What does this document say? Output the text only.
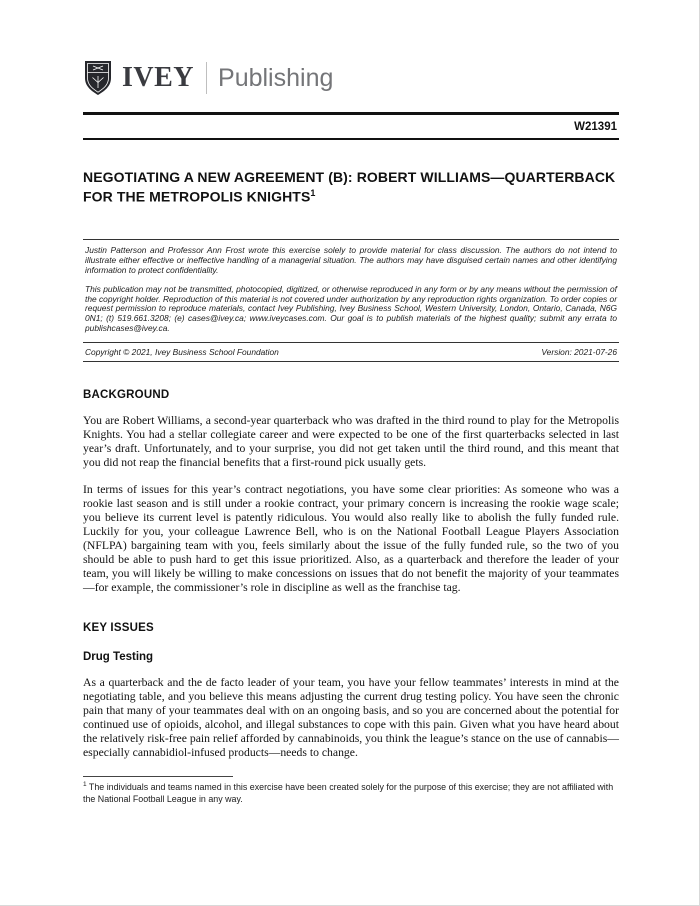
IVEY Publishing
W21391
NEGOTIATING A NEW AGREEMENT (B): ROBERT WILLIAMS—QUARTERBACK FOR THE METROPOLIS KNIGHTS$^1$

Justin Patterson and Professor Ann Frost wrote this exercise solely to provide material for class discussion. The authors do not intend to illustrate either effective or ineffective handling of a managerial situation. The authors may have disguised certain names and other identifying information to protect confidentiality.

This publication may not be transmitted, photocopied, digitized, or otherwise reproduced in any form or by any means without the permission of the copyright holder. Reproduction of this material is not covered under authorization by any reproduction rights organization. To order copies or request permission to reproduce materials, contact Ivey Publishing, Ivey Business School, Western University, London, Ontario, Canada, N6G 0N1; (t) 519.661.3208; (e) cases@ivey.ca; www.iveycases.com. Our goal is to publish materials of the highest quality; submit any errata to publishcases@ivey.ca.

Copyright © 2021, Ivey Business School Foundation	Version: 2021-07-26
BACKGROUND

You are Robert Williams, a second-year quarterback who was drafted in the third round to play for the Metropolis Knights. You had a stellar collegiate career and were expected to be one of the first quarterbacks selected in last year’s draft. Unfortunately, and to your surprise, you did not get taken until the third round, and this meant that you did not reap the financial benefits that a first-round pick usually gets.

In terms of issues for this year’s contract negotiations, you have some clear priorities: As someone who was a rookie last season and is still under a rookie contract, your primary concern is increasing the rookie wage scale; you believe its current level is patently ridiculous. You would also really like to abolish the fully funded rule. Luckily for you, your colleague Lawrence Bell, who is on the National Football League Players Association (NFLPA) bargaining team with you, feels similarly about the issue of the fully funded rule, so the two of you should be able to push hard to get this issue prioritized. Also, as a quarterback and therefore the leader of your team, you will likely be willing to make concessions on issues that do not benefit the majority of your teammates—for example, the commissioner’s role in discipline as well as the franchise tag.

KEY ISSUES
Drug Testing

As a quarterback and the de facto leader of your team, you have your fellow teammates’ interests in mind at the negotiating table, and you believe this means adjusting the current drug testing policy. You have seen the chronic pain that many of your teammates deal with on an ongoing basis, and so you are concerned about the potential for continued use of opioids, alcohol, and illegal substances to cope with this pain. Given what you have heard about the relatively risk-free pain relief afforded by cannabinoids, you think the league’s stance on the use of cannabis—especially cannabidiol-infused products—needs to change.

$^1$ The individuals and teams named in this exercise have been created solely for the purpose of this exercise; they are not affiliated with the National Football League in any way.
